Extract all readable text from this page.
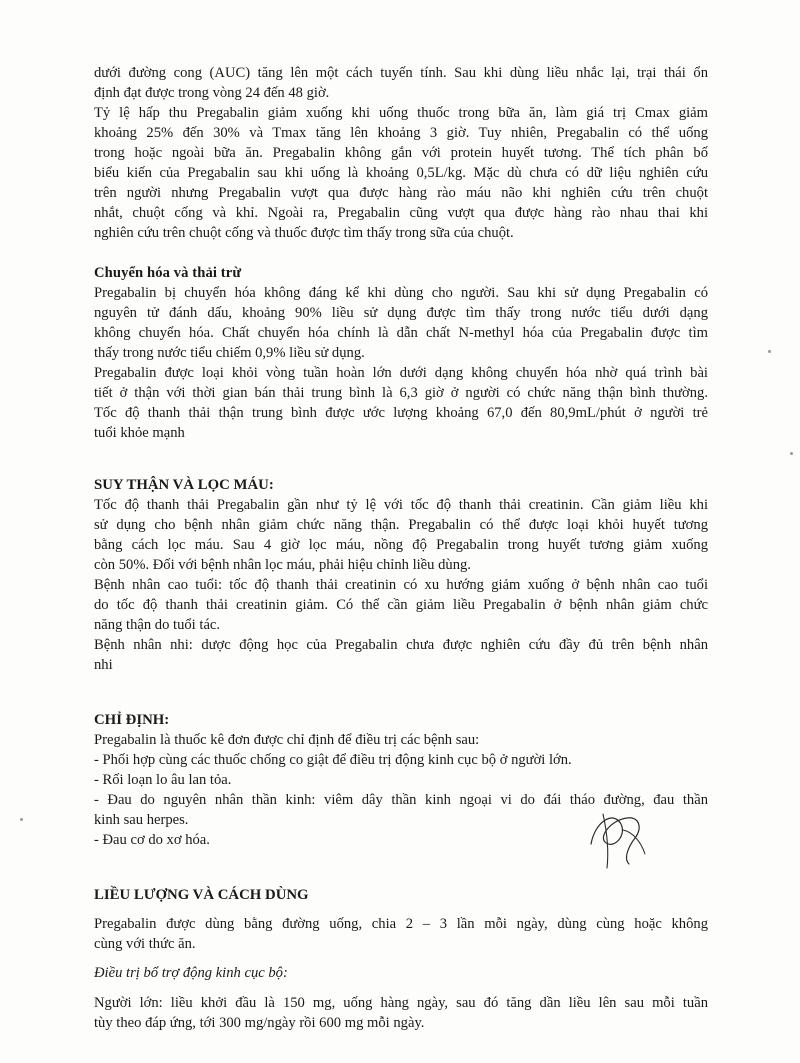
dưới đường cong (AUC) tăng lên một cách tuyến tính. Sau khi dùng liều nhắc lại, trại thái ổn
định đạt được trong vòng 24 đến 48 giờ.
Tỷ lệ hấp thu Pregabalin giảm xuống khi uống thuốc trong bữa ăn, làm giá trị Cmax giảm
khoảng 25% đến 30% và Tmax tăng lên khoảng 3 giờ. Tuy nhiên, Pregabalin có thể uống
trong hoặc ngoài bữa ăn. Pregabalin không gắn với protein huyết tương. Thể tích phân bố
biểu kiến của Pregabalin sau khi uống là khoảng 0,5L/kg. Mặc dù chưa có dữ liệu nghiên cứu
trên người nhưng Pregabalin vượt qua được hàng rào máu não khi nghiên cứu trên chuột
nhắt, chuột cống và khỉ. Ngoài ra, Pregabalin cũng vượt qua được hàng rào nhau thai khi
nghiên cứu trên chuột cống và thuốc được tìm thấy trong sữa của chuột.
Chuyển hóa và thải trừ
Pregabalin bị chuyển hóa không đáng kể khi dùng cho người. Sau khi sử dụng Pregabalin có
nguyên tử đánh dấu, khoảng 90% liều sử dụng được tìm thấy trong nước tiểu dưới dạng
không chuyển hóa. Chất chuyển hóa chính là dẫn chất N-methyl hóa của Pregabalin được tìm
thấy trong nước tiểu chiếm 0,9% liều sử dụng.
Pregabalin được loại khỏi vòng tuần hoàn lớn dưới dạng không chuyển hóa nhờ quá trình bài
tiết ở thận với thời gian bán thải trung bình là 6,3 giờ ở người có chức năng thận bình thường.
Tốc độ thanh thải thận trung bình được ước lượng khoảng 67,0 đến 80,9mL/phút ở người trẻ
tuổi khỏe mạnh
SUY THẬN VÀ LỌC MÁU:
Tốc độ thanh thải Pregabalin gần như tỷ lệ với tốc độ thanh thải creatinin. Cần giảm liều khi
sử dụng cho bệnh nhân giảm chức năng thận. Pregabalin có thể được loại khỏi huyết tương
bằng cách lọc máu. Sau 4 giờ lọc máu, nồng độ Pregabalin trong huyết tương giảm xuống
còn 50%. Đối với bệnh nhân lọc máu, phải hiệu chỉnh liều dùng.
Bệnh nhân cao tuổi: tốc độ thanh thải creatinin có xu hướng giảm xuống ở bệnh nhân cao tuổi
do tốc độ thanh thải creatinin giảm. Có thể cần giảm liều Pregabalin ở bệnh nhân giảm chức
năng thận do tuổi tác.
Bệnh nhân nhi: dược động học của Pregabalin chưa được nghiên cứu đầy đủ trên bệnh nhân
nhi
CHỈ ĐỊNH:
Pregabalin là thuốc kê đơn được chỉ định để điều trị các bệnh sau:
- Phối hợp cùng các thuốc chống co giật để điều trị động kinh cục bộ ở người lớn.
- Rối loạn lo âu lan tỏa.
- Đau do nguyên nhân thần kinh: viêm dây thần kinh ngoại vi do đái tháo đường, đau thần
kinh sau herpes.
- Đau cơ do xơ hóa.
LIỀU LƯỢNG VÀ CÁCH DÙNG
Pregabalin được dùng bằng đường uống, chia 2 – 3 lần mỗi ngày, dùng cùng hoặc không
cùng với thức ăn.
Điều trị bổ trợ động kinh cục bộ:
Người lớn: liều khởi đầu là 150 mg, uống hàng ngày, sau đó tăng dần liều lên sau mỗi tuần
tùy theo đáp ứng, tới 300 mg/ngày rồi 600 mg mỗi ngày.
